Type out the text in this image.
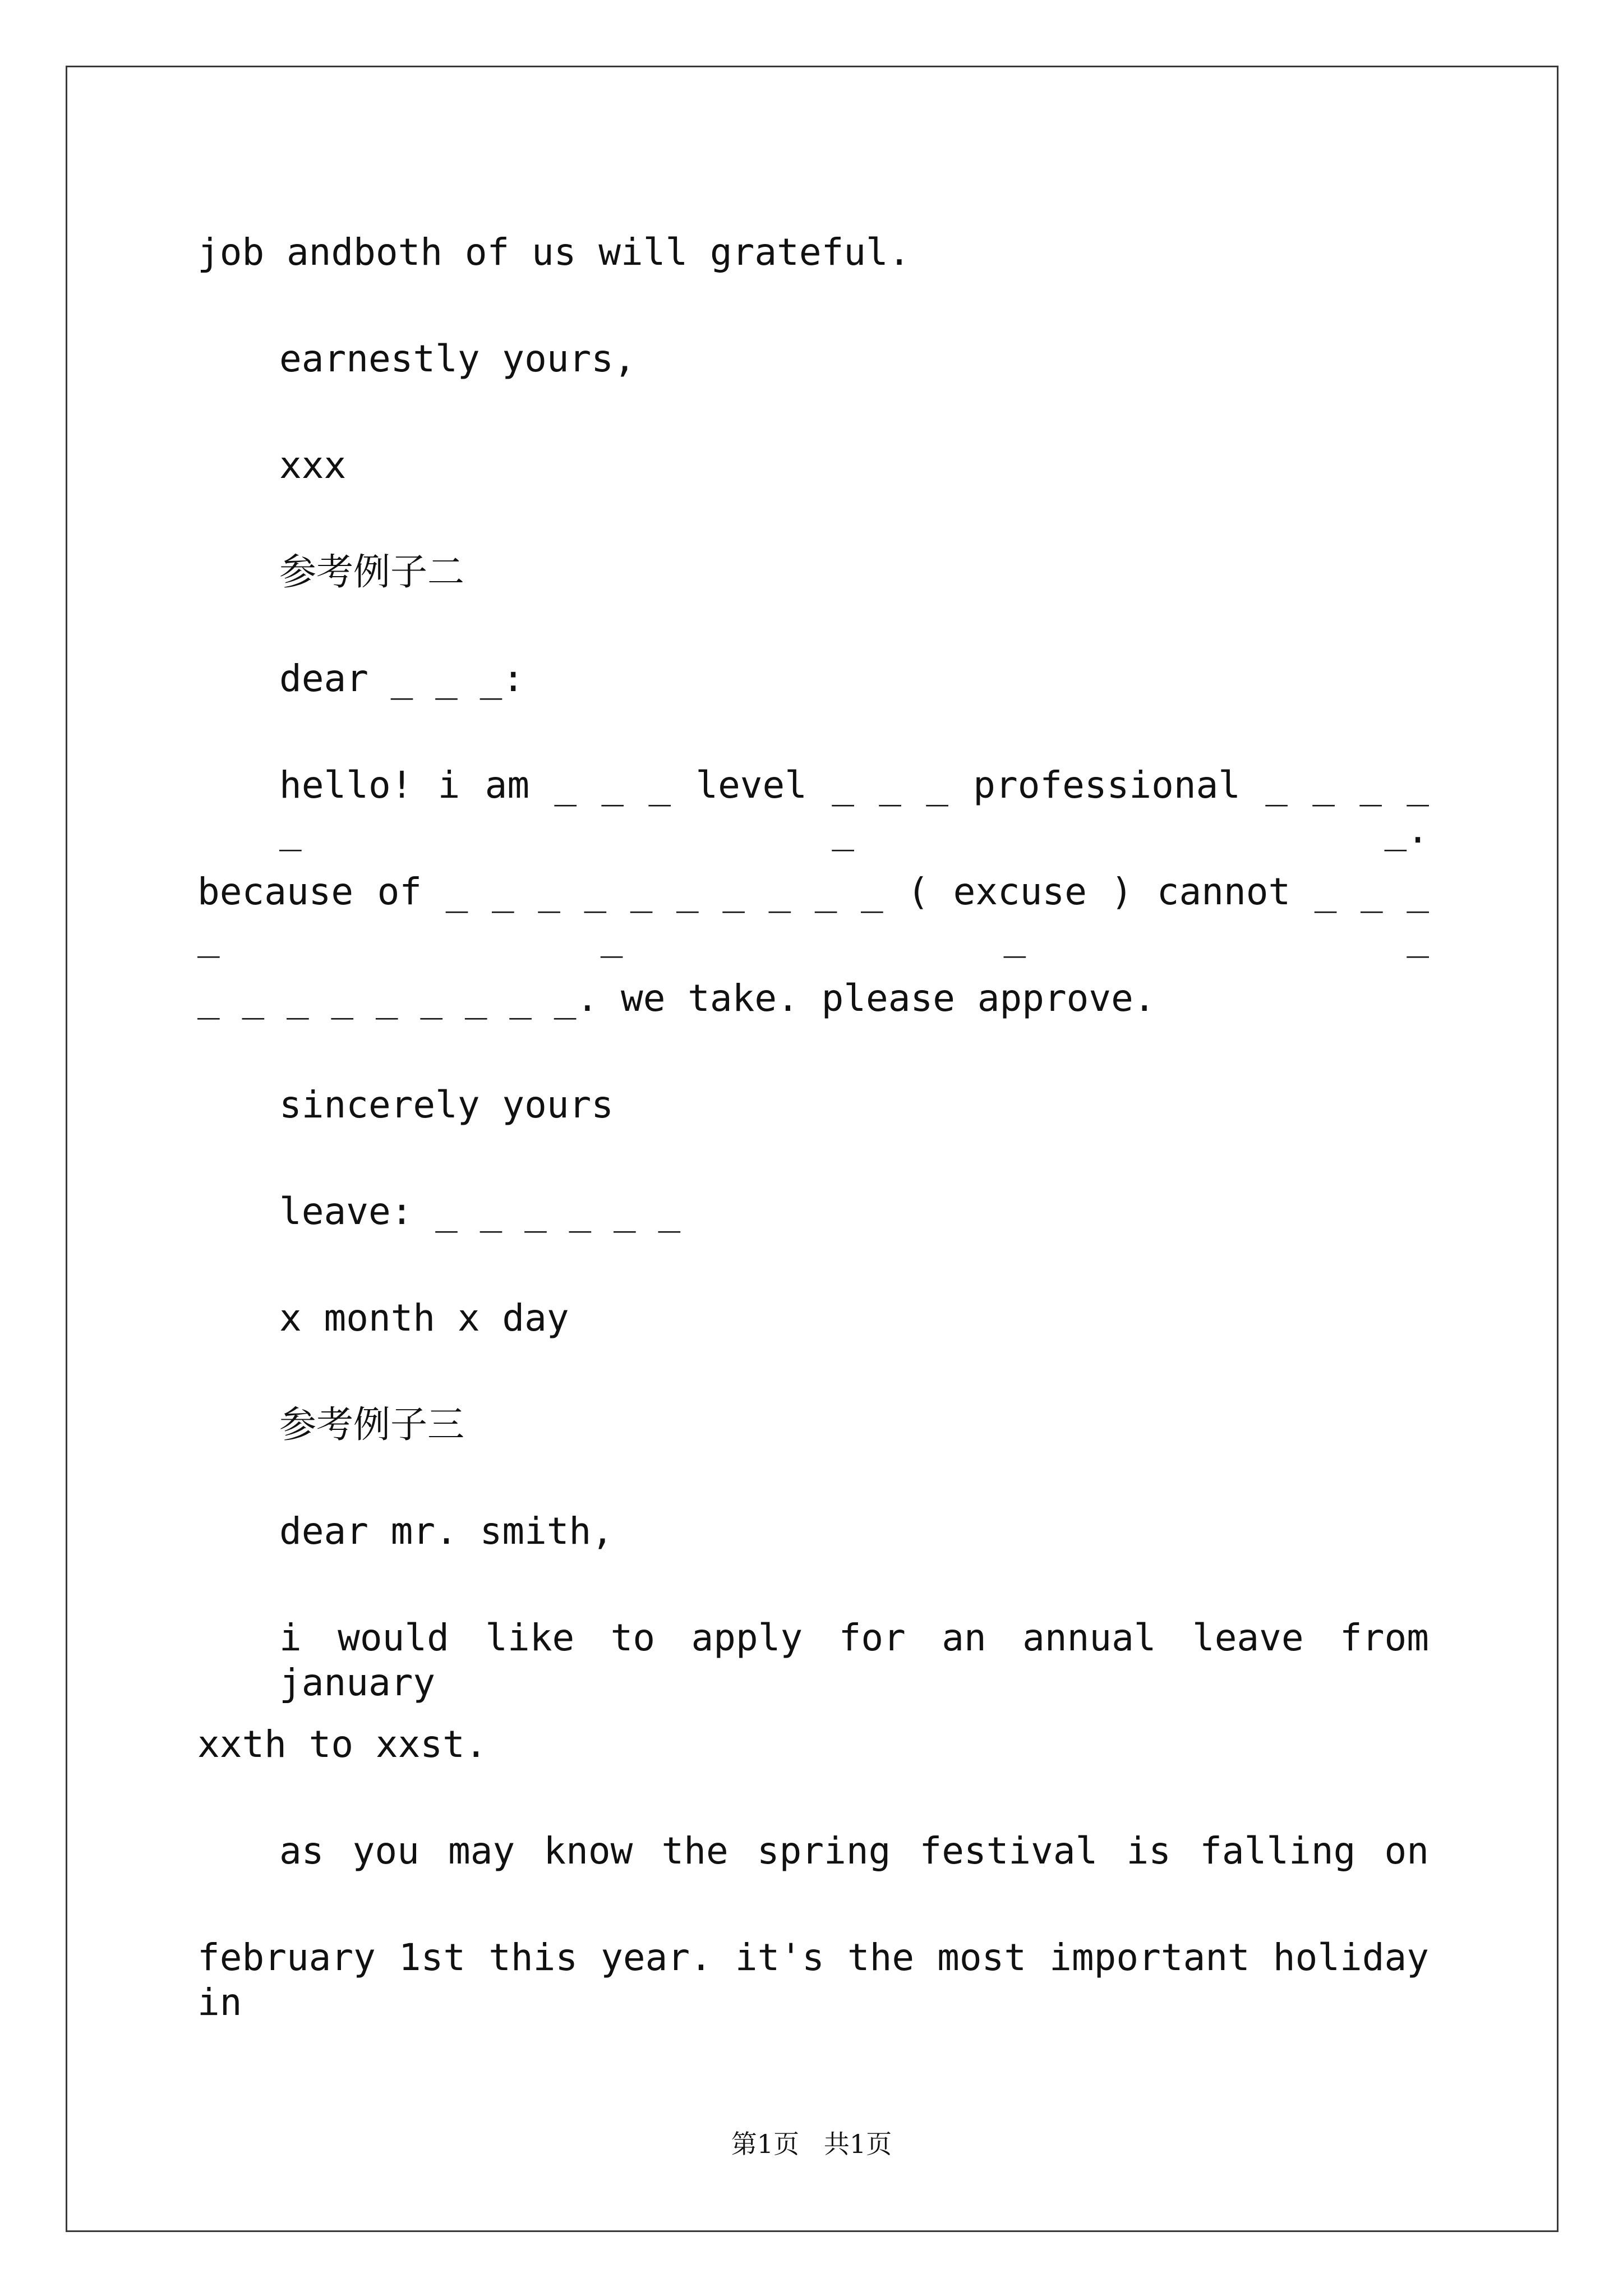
job andboth of us will grateful.

earnestly yours,

xxx

参考例子二

dear _ _ _:

hello! i am _ _ _ level _ _ _ professional _ _ _ _ _ _ _.

because of _ _ _ _ _ _ _ _ _ _ ( excuse ) cannot _ _ _ _ _ _ _

_ _ _ _ _ _ _ _ _. we take. please approve.

sincerely yours

leave: _ _ _ _ _ _

x month x day

参考例子三

dear mr. smith,

i would like to apply for an annual leave from january

xxth to xxst.

as you may know the spring festival is falling on

february 1st this year. it's the most important holiday in

第1页   共1页
